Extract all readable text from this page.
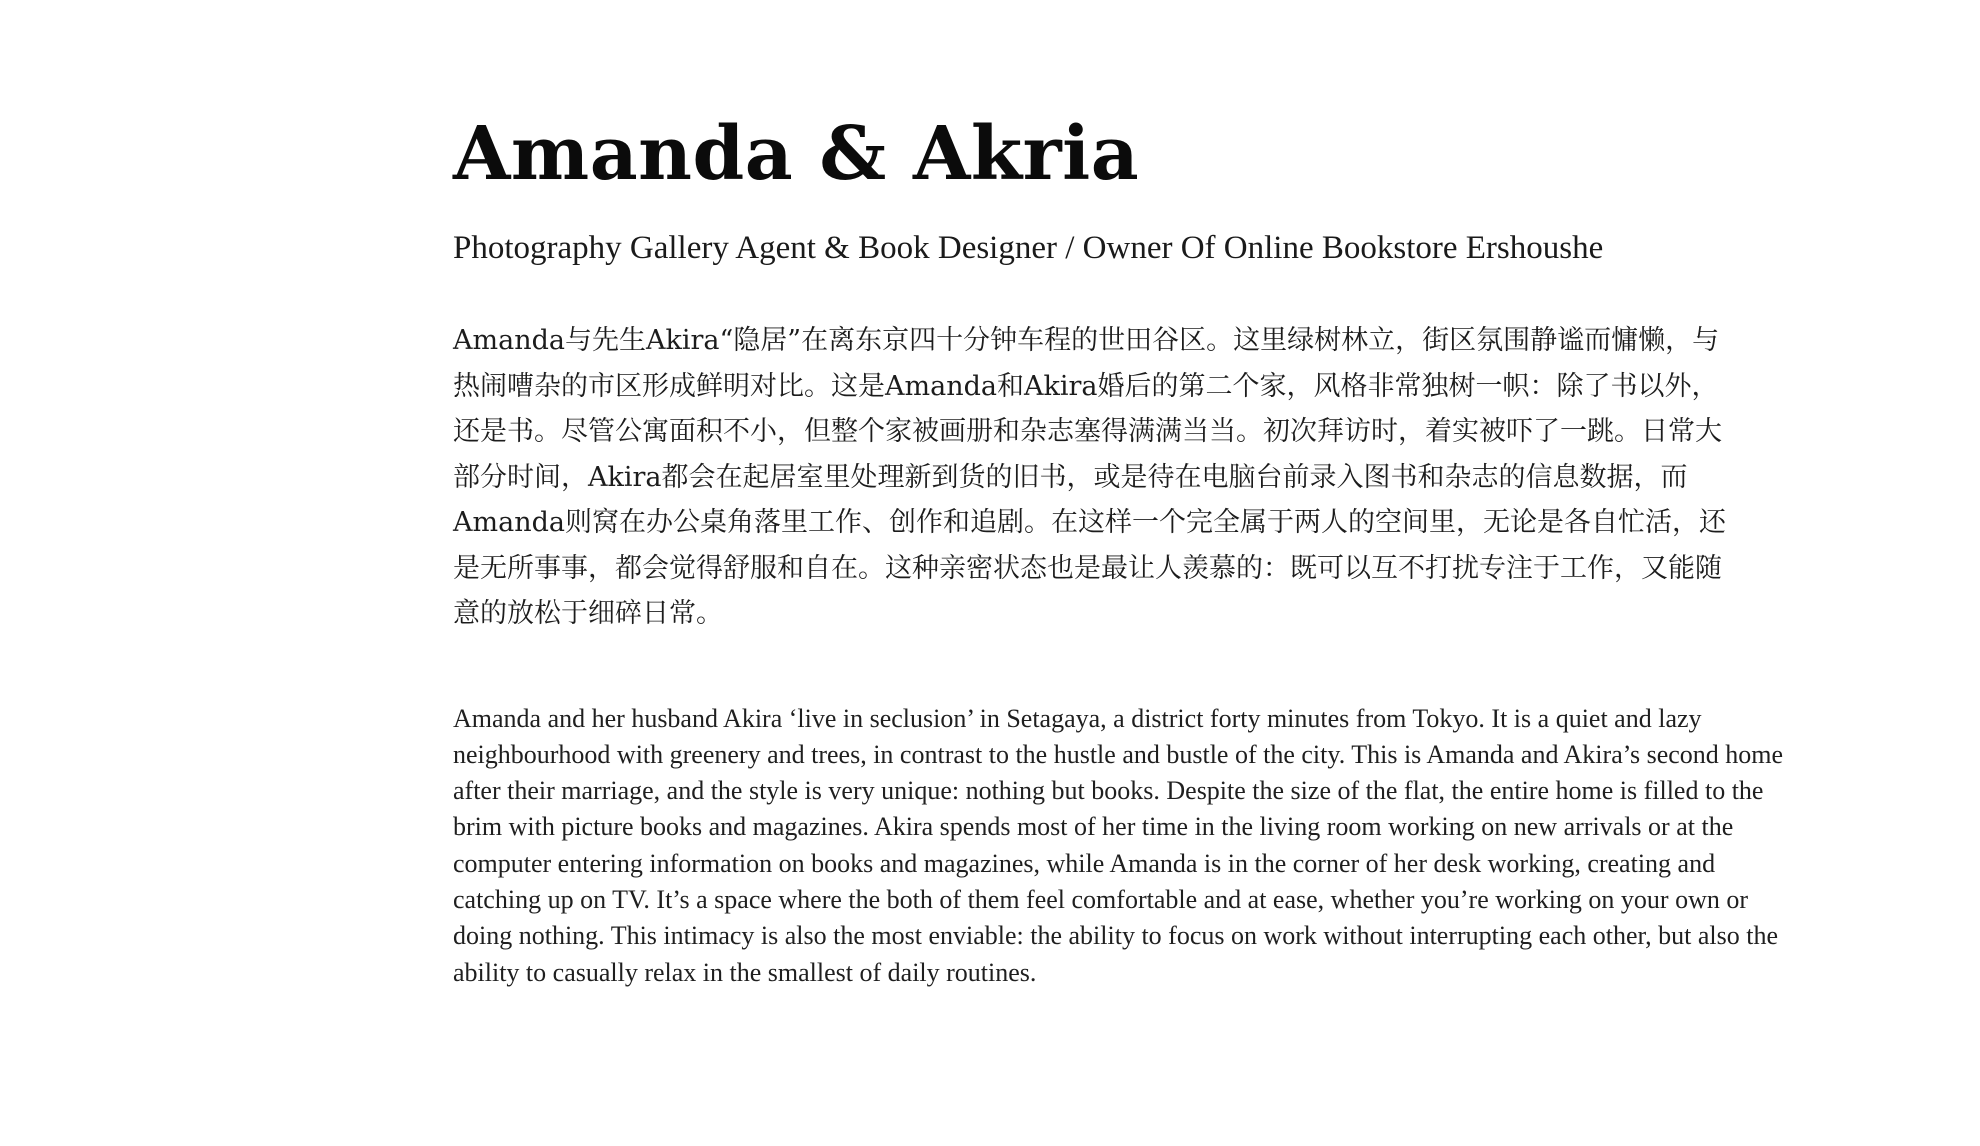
Amanda & Akria
Photography Gallery Agent & Book Designer / Owner Of Online Bookstore Ershoushe

Amanda与先生Akira“隐居”在离东京四十分钟车程的世田谷区。这里绿树林立，街区氛围静谧而慵懒，与热闹嘈杂的市区形成鲜明对比。这是Amanda和Akira婚后的第二个家，风格非常独树一帜：除了书以外，还是书。尽管公寓面积不小，但整个家被画册和杂志塞得满满当当。初次拜访时，着实被吓了一跳。日常大部分时间，Akira都会在起居室里处理新到货的旧书，或是待在电脑台前录入图书和杂志的信息数据，而Amanda则窝在办公桌角落里工作、创作和追剧。在这样一个完全属于两人的空间里，无论是各自忙活，还是无所事事，都会觉得舒服和自在。这种亲密状态也是最让人羡慕的：既可以互不打扰专注于工作，又能随意的放松于细碎日常。

Amanda and her husband Akira ‘live in seclusion’ in Setagaya, a district forty minutes from Tokyo. It is a quiet and lazy neighbourhood with greenery and trees, in contrast to the hustle and bustle of the city. This is Amanda and Akira’s second home after their marriage, and the style is very unique: nothing but books. Despite the size of the flat, the entire home is filled to the brim with picture books and magazines. Akira spends most of her time in the living room working on new arrivals or at the computer entering information on books and magazines, while Amanda is in the corner of her desk working, creating and catching up on TV. It’s a space where the both of them feel comfortable and at ease, whether you’re working on your own or doing nothing. This intimacy is also the most enviable: the ability to focus on work without interrupting each other, but also the ability to casually relax in the smallest of daily routines.
